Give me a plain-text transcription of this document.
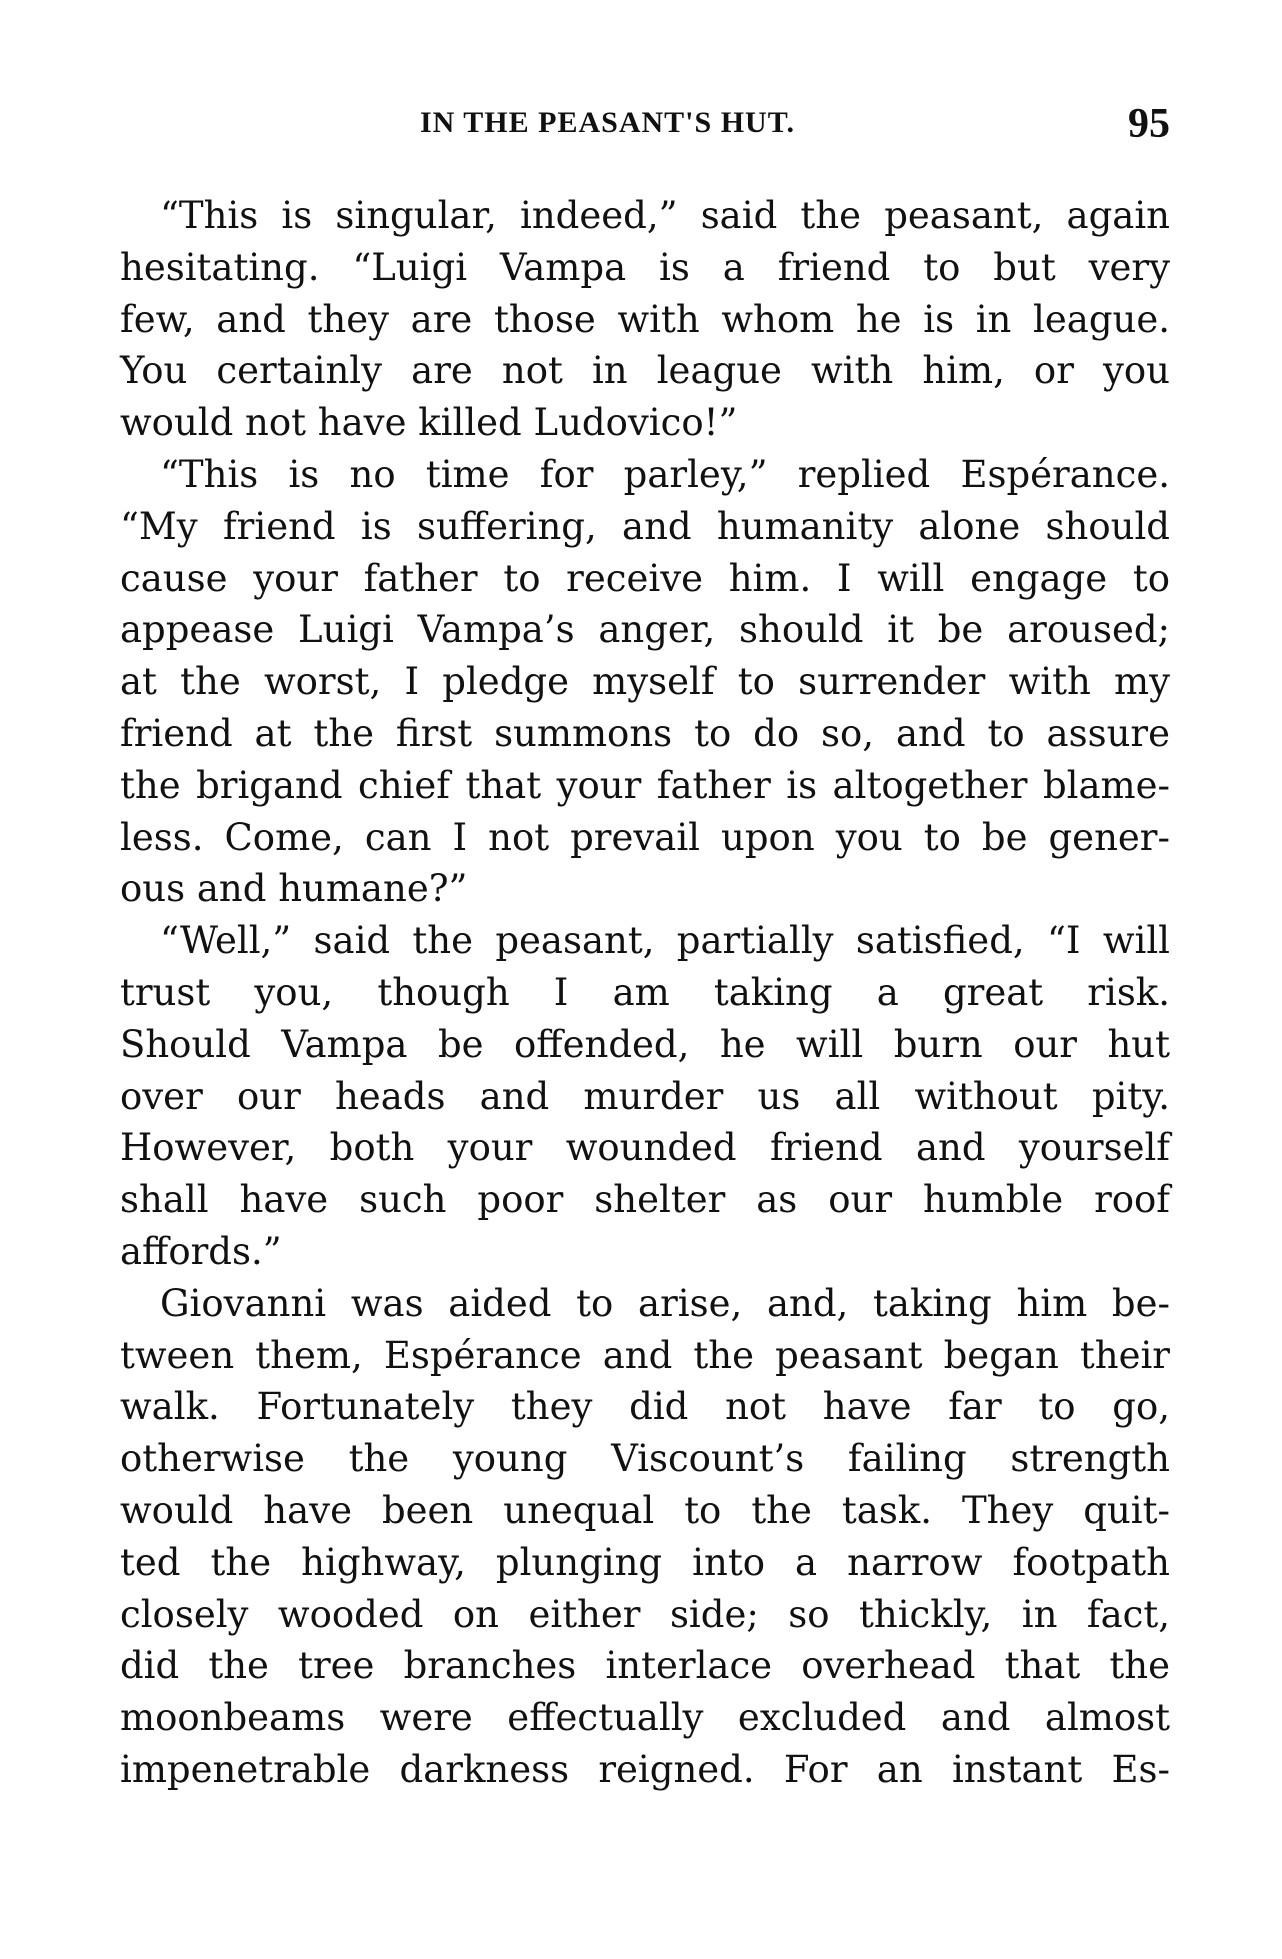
IN THE PEASANT'S HUT.	95
“This is singular, indeed,” said the peasant, again
hesitating. “Luigi Vampa is a friend to but very
few, and they are those with whom he is in league.
You certainly are not in league with him, or you
would not have killed Ludovico!”
“This is no time for parley,” replied Espérance.
“My friend is suffering, and humanity alone should
cause your father to receive him. I will engage to
appease Luigi Vampa’s anger, should it be aroused;
at the worst, I pledge myself to surrender with my
friend at the first summons to do so, and to assure
the brigand chief that your father is altogether blame-
less. Come, can I not prevail upon you to be gener-
ous and humane?”
“Well,” said the peasant, partially satisfied, “I will
trust you, though I am taking a great risk.
Should Vampa be offended, he will burn our hut
over our heads and murder us all without pity.
However, both your wounded friend and yourself
shall have such poor shelter as our humble roof
affords.”
Giovanni was aided to arise, and, taking him be-
tween them, Espérance and the peasant began their
walk. Fortunately they did not have far to go,
otherwise the young Viscount’s failing strength
would have been unequal to the task. They quit-
ted the highway, plunging into a narrow footpath
closely wooded on either side; so thickly, in fact,
did the tree branches interlace overhead that the
moonbeams were effectually excluded and almost
impenetrable darkness reigned. For an instant Es-
